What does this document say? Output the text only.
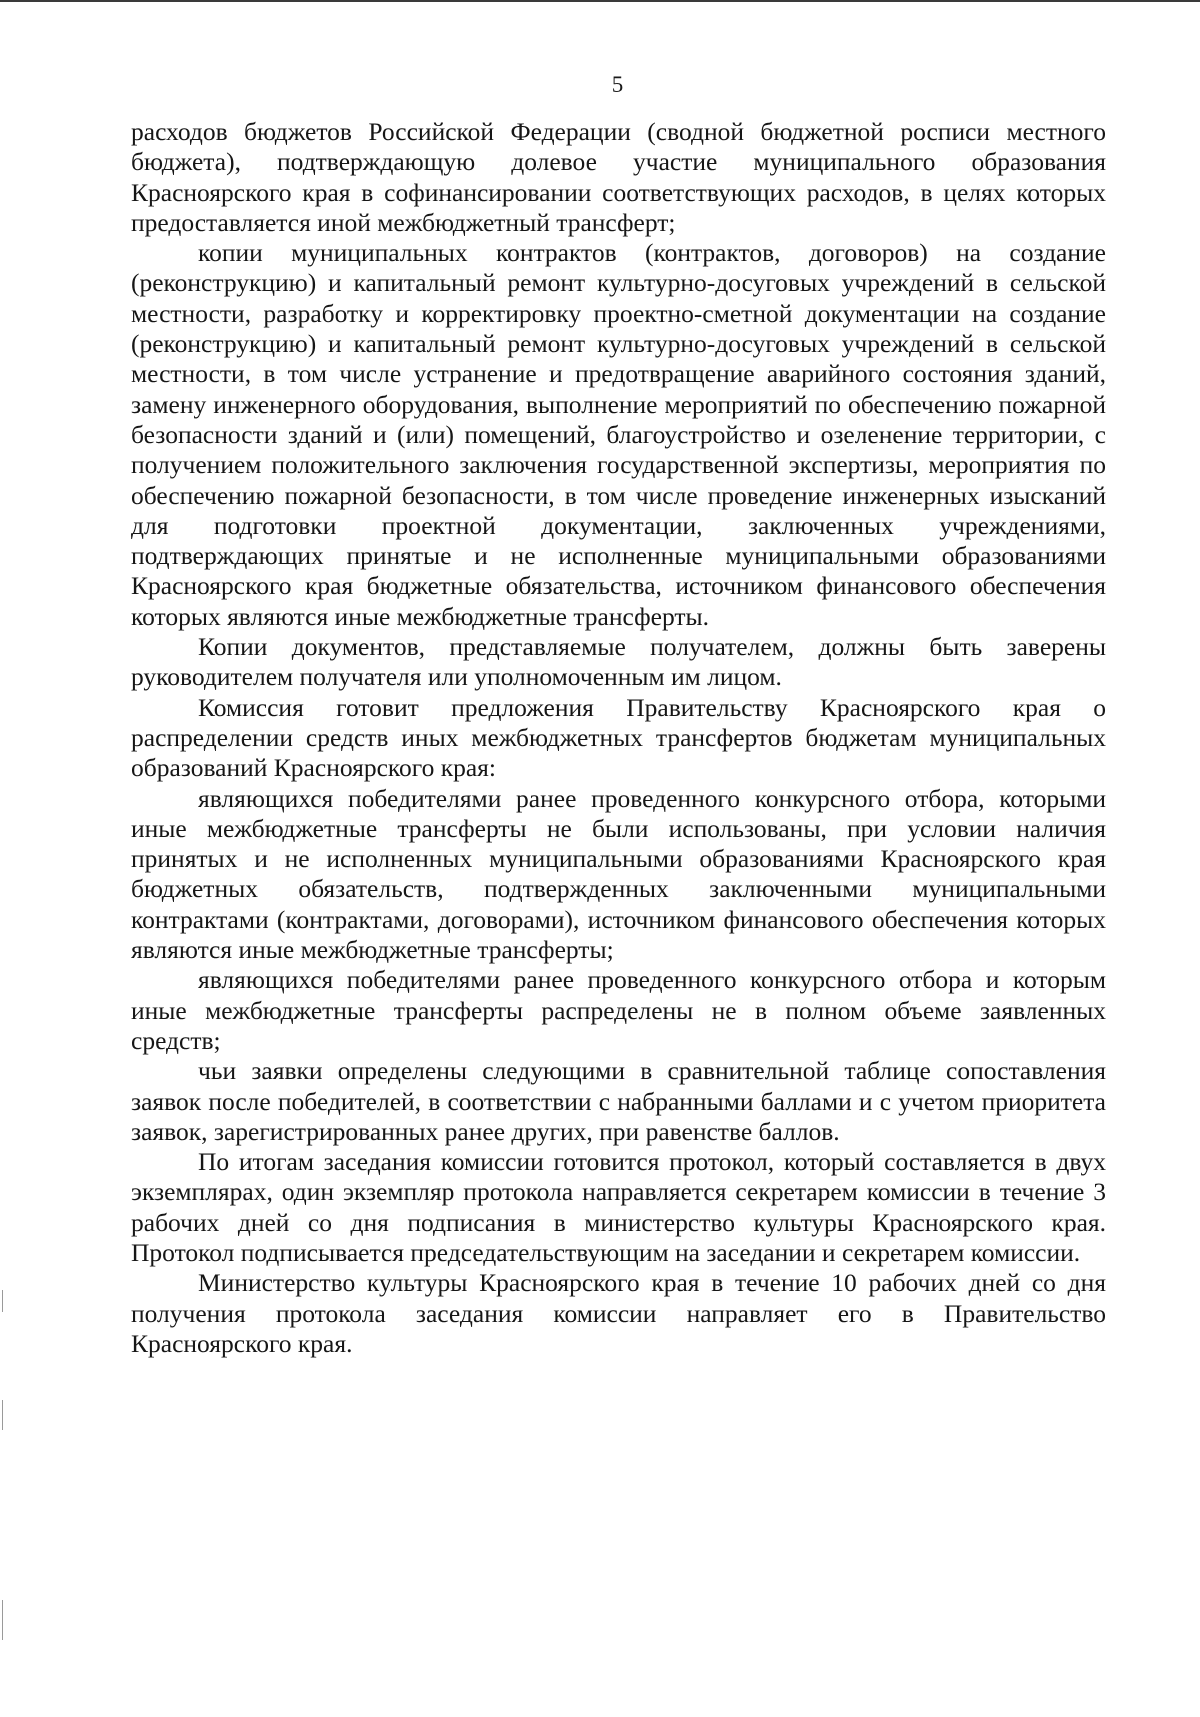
5

расходов бюджетов Российской Федерации (сводной бюджетной росписи местного бюджета), подтверждающую долевое участие муниципального образования Красноярского края в софинансировании соответствующих расходов, в целях которых предоставляется иной межбюджетный трансферт;

копии муниципальных контрактов (контрактов, договоров) на создание (реконструкцию) и капитальный ремонт культурно-досуговых учреждений в сельской местности, разработку и корректировку проектно-сметной документации на создание (реконструкцию) и капитальный ремонт культурно-досуговых учреждений в сельской местности, в том числе устранение и предотвращение аварийного состояния зданий, замену инженерного оборудования, выполнение мероприятий по обеспечению пожарной безопасности зданий и (или) помещений, благоустройство и озеленение территории, с получением положительного заключения государственной экспертизы, мероприятия по обеспечению пожарной безопасности, в том числе проведение инженерных изысканий для подготовки проектной документации, заключенных учреждениями, подтверждающих принятые и не исполненные муниципальными образованиями Красноярского края бюджетные обязательства, источником финансового обеспечения которых являются иные межбюджетные трансферты.

Копии документов, представляемые получателем, должны быть заверены руководителем получателя или уполномоченным им лицом.

Комиссия готовит предложения Правительству Красноярского края о распределении средств иных межбюджетных трансфертов бюджетам муниципальных образований Красноярского края:

являющихся победителями ранее проведенного конкурсного отбора, которыми иные межбюджетные трансферты не были использованы, при условии наличия принятых и не исполненных муниципальными образованиями Красноярского края бюджетных обязательств, подтвержденных заключенными муниципальными контрактами (контрактами, договорами), источником финансового обеспечения которых являются иные межбюджетные трансферты;

являющихся победителями ранее проведенного конкурсного отбора и которым иные межбюджетные трансферты распределены не в полном объеме заявленных средств;

чьи заявки определены следующими в сравнительной таблице сопоставления заявок после победителей, в соответствии с набранными баллами и с учетом приоритета заявок, зарегистрированных ранее других, при равенстве баллов.

По итогам заседания комиссии готовится протокол, который составляется в двух экземплярах, один экземпляр протокола направляется секретарем комиссии в течение 3 рабочих дней со дня подписания в министерство культуры Красноярского края. Протокол подписывается председательствующим на заседании и секретарем комиссии.

Министерство культуры Красноярского края в течение 10 рабочих дней со дня получения протокола заседания комиссии направляет его в Правительство Красноярского края.
